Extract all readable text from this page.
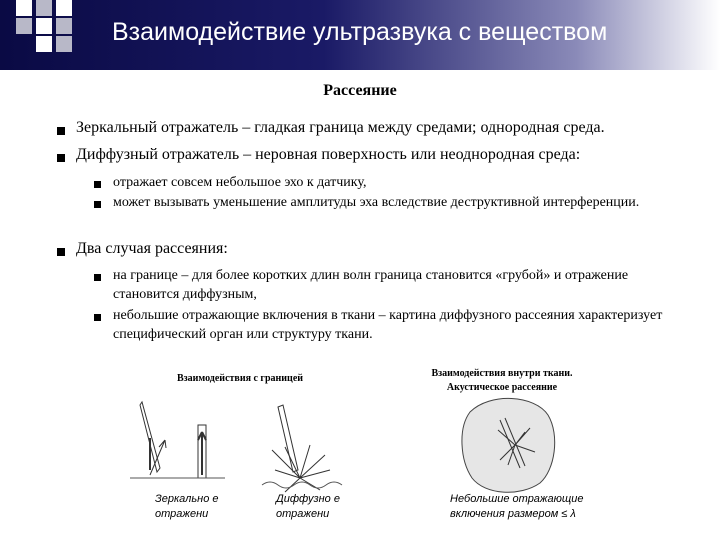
Взаимодействие ультразвука с веществом
Рассеяние
Зеркальный отражатель – гладкая граница между средами; однородная среда.
Диффузный отражатель – неровная поверхность или неоднородная среда:
отражает совсем небольшое эхо к датчику,
может вызывать уменьшение амплитуды эха вследствие деструктивной интерференции.
Два случая рассеяния:
на границе – для более коротких длин волн граница становится «грубой» и отражение становится диффузным,
небольшие отражающие включения в ткани – картина диффузного рассеяния характеризует специфический орган или структуру ткани.
Взаимодействия с границей	Взаимодействия внутри ткани. Акустическое рассеяние
Зеркально е отражени
Диффузно е отражени
Небольшие отражающие включения размером ≤ λ
